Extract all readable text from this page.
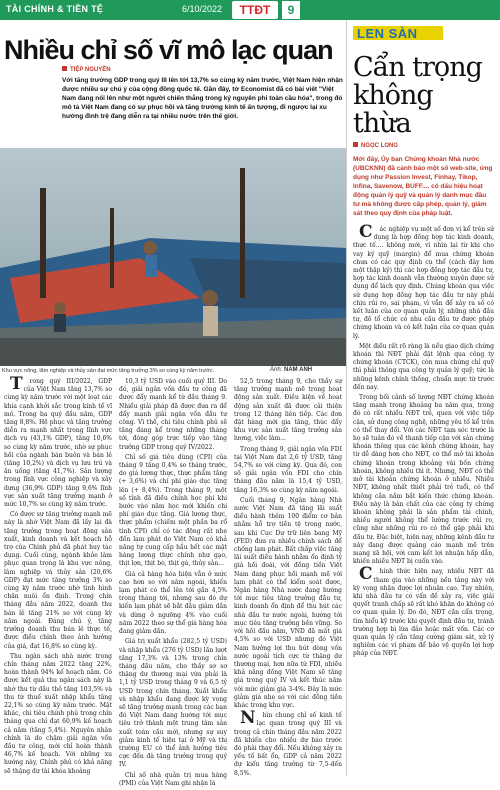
TÀI CHÍNH & TIỀN TỆ	6/10/2022	TTĐT	9
Nhiều chỉ số vĩ mô lạc quan
TIỆP NGUYỄN
Với tăng trưởng GDP trong quý III lên tới 13,7% so cùng kỳ năm trước, Việt Nam hiện nhận được nhiều sự chú ý của cộng đồng quốc tế. Gần đây, tờ Economist đã có bài viết "Việt Nam đang nổi lên như một người chiến thắng trong kỷ nguyên phi toàn cầu hóa", trong đó mô tả Việt Nam đang có sự phục hồi và tăng trưởng kinh tế ấn tượng, đi ngược lại xu hướng đình trệ đang diễn ra tại nhiều nước trên thế giới.
Khu vực nông, lâm nghiệp và thủy sản đạt mức tăng trưởng 3% so cùng kỳ năm trước.	Ảnh: NAM ANH

Trong quý III/2022, GDP của Việt Nam tăng 13,7% so cùng kỳ năm trước với một loạt các khía cạnh khởi sắc trong kinh tế vĩ mô. Trong ba quý đầu năm, GDP tăng 8,8%. Hệ phục và tăng trưởng diễn ra mạnh nhất trong lĩnh vực dịch vụ (43,1% GDP), tăng 10,6% so cùng kỳ năm trước, nhờ sự phục hồi của ngành bán buôn và bán lẻ (tăng 10,2%) và dịch vụ lưu trú và ăn uống (tăng 41,7%). Sản lượng trong lĩnh vực công nghiệp và xây dựng (36,9% GDP) tăng 9,6% lĩnh vực sản xuất tăng trưởng mạnh ở mức 10,7% so cùng kỳ năm trước.

Có được sự tăng trưởng mạnh mẽ này là nhờ Việt Nam đã lấy lại đà tăng trưởng trong hoạt động sản xuất, kinh doanh và kết hoạch hỗ trợ của Chính phủ đã phát huy tác dụng. Cuối cùng, ngành khỏe làm phục quan trọng là khu vực nông, lâm nghiệp và thủy sản (20,6% GDP) đạt mức tăng trưởng 3% so cùng kỳ năm trước nhờ tình hình chăn nuôi ổn định. Trong chín tháng đầu năm 2022, doanh thu bán lẻ tăng 21% so với cùng kỳ năm ngoái. Đáng chú ý, tăng trưởng doanh thu bán lẻ thực tế, được điều chỉnh theo ảnh hưởng của giá, đạt 16,8% so cùng kỳ.

Thu ngân sách nhà nước trong chín tháng năm 2022 tăng 22%, hoàn thành 94% kế hoạch năm. Có được kết quả thu ngân sách này là nhờ thu từ dầu thô tăng 103,5% và thu từ thuế xuất nhập khẩu tăng 22,1% so cùng kỳ năm trước. Mặt khác, chi tiêu chính phủ trong chín tháng qua chỉ đạt 60,9% kế hoạch cả năm (tăng 5,4%). Nguyên nhân chính là do chậm giải ngân vốn đầu tư công, mới chỉ hoàn thành 46,7% kế hoạch. Với những xu hướng này, Chính phủ có khả năng sẽ thặng dư tài khóa khoảng

10,3 tỷ USD vào cuối quý III. Do đó, giải ngân vốn đầu tư công đã được đẩy mạnh kể từ đầu tháng 9. Nhiều giải pháp đã được đưa ra để đẩy mạnh giải ngân vốn đầu tư công. Vì thế, chi tiêu chính phủ sẽ tăng đáng kể trong những tháng tới, đóng góp trực tiếp vào tăng trưởng GDP trong quý IV/2022.

Chỉ số giá tiêu dùng (CPI) của tháng 9 tăng 0,4% so tháng trước, do giá lương thực, thực phẩm tăng (+ 3,6%) và chi phí giáo dục tăng lên (+ 8,4%). Trong tháng 9, một số tỉnh đã điều chỉnh học phí khi bước vào năm học mới khiến chi phí giáo dục tăng. Giá lương thực, thực phẩm (chiếm một phần ba rổ tính CPI) chỉ có tác động rất nhẹ đến lạm phát do Việt Nam có khả năng tự cung cấp hầu hết các mặt hàng lương thực chính như gạo, thịt lợn, thịt bò, thịt gà, thủy sản...

Giá cả hàng hóa hiện vẫn ở mức cao hơn so với năm ngoái, khiến lạm phát có thể lên tới gần 4,5% trong tháng tới, nhưng sau đó dự kiến lạm phát sẽ bắt đầu giảm dần và dừng ở ngưỡng 4% vào cuối năm 2022 theo sự thể giá hàng hóa đang giảm dần.

Giá trị xuất khẩu (282,5 tỷ USD) và nhập khẩu (276 tỷ USD) lần lượt tăng 17,3% và 13% trong chín tháng đầu năm, cho thấy sơ sơ thặng dư thương mại vừa phải là 1,1 tỷ USD trong tháng 9 và 6,5 tỷ USD trong chín tháng. Xuất khẩu và nhập khẩu đang được kỳ vọng sẽ tăng trưởng mạnh trong các bạn đó Việt Nam đang hướng tới mục tiêu trở thành một trung tâm sản xuất toàn cầu mới, nhưng sự suy giảm kinh tế hiện tại ở Mỹ và thị trường EU có thể ảnh hưởng tiêu cực đến đà tăng trưởng trong quý IV.

Chỉ số nhà quản trị mua hàng (PMI) của Việt Nam ghi nhận là

52,5 trong tháng 9, cho thấy sự tăng trưởng mạnh mẽ trong hoạt động sản xuất. Điều kiện về hoạt động sản xuất đã được cải thiện trong 12 tháng liên tiếp. Các đơn đặt hàng mới gia tăng, thúc đẩy khu vực sản xuất tăng trưởng sản lượng, việc làm...

Trong tháng 9, giải ngân vốn FDI tại Việt Nam đạt 2,6 tỷ USD, tăng 54,7% so với cùng kỳ. Qua đó, con số giải ngân vốn FDI cho chín tháng đầu năm là 15,4 tỷ USD, tăng 16,3% so cùng kỳ năm ngoái.

Cuối tháng 9, Ngân hàng Nhà nước Việt Nam đã tăng lãi suất điều hành thêm 100 điểm cơ bản nhằm hỗ trợ tiền tệ trong nước, sau khi Cục Dự trữ liên bang Mỹ (FED) đưa ra nhiều chính sách để chống lạm phát. Bất chấp việc tăng lãi suất điều hành nhằm ổn định tỷ giá hối đoái, với đồng tiền Việt Nam đang phục hồi mạnh mẽ với lạm phát có thể kiểm soát được, Ngân hàng Nhà nước đang hướng tới mục tiêu tăng trưởng đầu tư, kinh doanh ổn định để thu hút các nhà đầu tư nước ngoài, hướng tới mục tiêu tăng trưởng bền vững. So với hồi đầu năm, VND đã mất giá 4,5% so với USD nhưng đó Việt Nam hưởng lợi thu hút dòng vốn nước ngoài tích cực từ thặng dư thương mại, hơn nữa từ FDI, nhiều khả năng đồng Việt Nam sẽ tăng giá trong quý IV và kết thúc năm với mức giảm giá 3-4%. Đây là mức giảm giá nhẹ so với các đồng tiền khác trong khu vực.

Nhìn chung chỉ số kinh tế lạc quan trong quý III và trong cả chín tháng đầu năm 2022 đã khiến cho nhiều dự báo trước đó phải thay đổi. Nếu không xảy ra yếu tố bất ổn, GDP cả năm 2022 dự kiến tăng trưởng từ 7,5-đến 8,5%.

LEN SÀN
Cẩn trọng không thừa
NGỌC LONG
Mới đây, Ủy ban Chứng khoán Nhà nước (UBCKNN) đã cảnh báo một số web-site, ứng dụng như Passion Invest, Finhay, Tikop, Infina, Savenow, BUFF.... có dấu hiệu hoạt động quản lý quỹ và quản lý danh mục đầu tư mà không được cấp phép, quản lý, giám sát theo quy định của pháp luật.

Các nghiệp vụ một số đơn vị kể trên sử dụng là hợp đồng hợp tác kinh doanh, thực tế.... không mới, vì nhìn lại từ khi cho vay ký quỹ (margin) để mua chứng khoán chưa có các quy định cụ thể (cách đây hơn một thập kỷ) thì các hợp đồng hợp tác đầu tư, hợp tác kinh doanh vẫn thường xuyên được sử dụng để lách quy định. Chúng khoán qua việc sử dụng hợp đồng hợp tác đầu tư này phải chịu rủi ro, sai phạm, vì vẫn để xảy ra số có kết luận của cơ quan quản lý, những nhà đầu tư, đồ tổ chức có nhu cầu đầu tư được phép chứng khoán và có kết luận của cơ quan quản lý.

Một điều rất rõ ràng là nếu giao dịch chứng khoán thì NĐT phải đặt lệnh qua công ty chứng khoán (CTCK), còn mua chứng chỉ quỹ thì phải thông qua công ty quản lý quỹ; tức là những kênh chính thống, chuẩn mực từ trước đến nay.

Trong bối cảnh số lượng NĐT chứng khoán tăng mạnh trong khoảng ba năm qua, trong đó có rất nhiều NĐT trẻ, quen với việc tiếp cận, sử dụng công nghệ, những yêu tố kể trên có thể thay đổi. Với các NĐT tạm sóc trước là họ sẽ tuân đó về thanh tiếp cận với sản chứng khoán thông qua các kênh chứng khoán, hay từ dễ dàng hơn cho NĐT, có thể mở tài khoản chứng khoán trong khoảng vài bốn chứng khoán, không nhiều thì ít. Nhưng, NĐT có thể mở tài khoản chứng khoán ở nhiều. Nhiều NĐT, không nhất thiết phải trẻ tuổi, có thể không cần nắm bắt kiến thức chứng khoán. Điều này là bản chất của các công ty chứng khoán không phải là sản phẩm tài chính, nhiều người không thể lường trước rủi ro, cũng như những rủi ro có thể gặp phải khi đầu tư. Đặc biệt, hiện nay, những kênh đầu tư này đang được quảng cáo mạnh mẽ trên mạng xã hội, với cam kết lợi nhuận hấp dẫn, khiến nhiều NĐT bị cuốn vào.

Chính thức hiện nay, nhiều NĐT đã tham gia vào những nền tảng này với kỳ vọng nhận được lợi nhuận cao. Tuy nhiên, khi nhà đầu tư có vấn đề xảy ra, việc giải quyết tranh chấp sẽ rất khó khăn do không có cơ quan quản lý. Do đó, NĐT cần cẩn trọng, tìm hiểu kỹ trước khi quyết định đầu tư, tránh trường hợp bị lừa đảo hoặc mất vốn. Các cơ quan quản lý cần tăng cường giám sát, xử lý nghiêm các vi phạm để bảo vệ quyền lợi hợp pháp của NĐT.
